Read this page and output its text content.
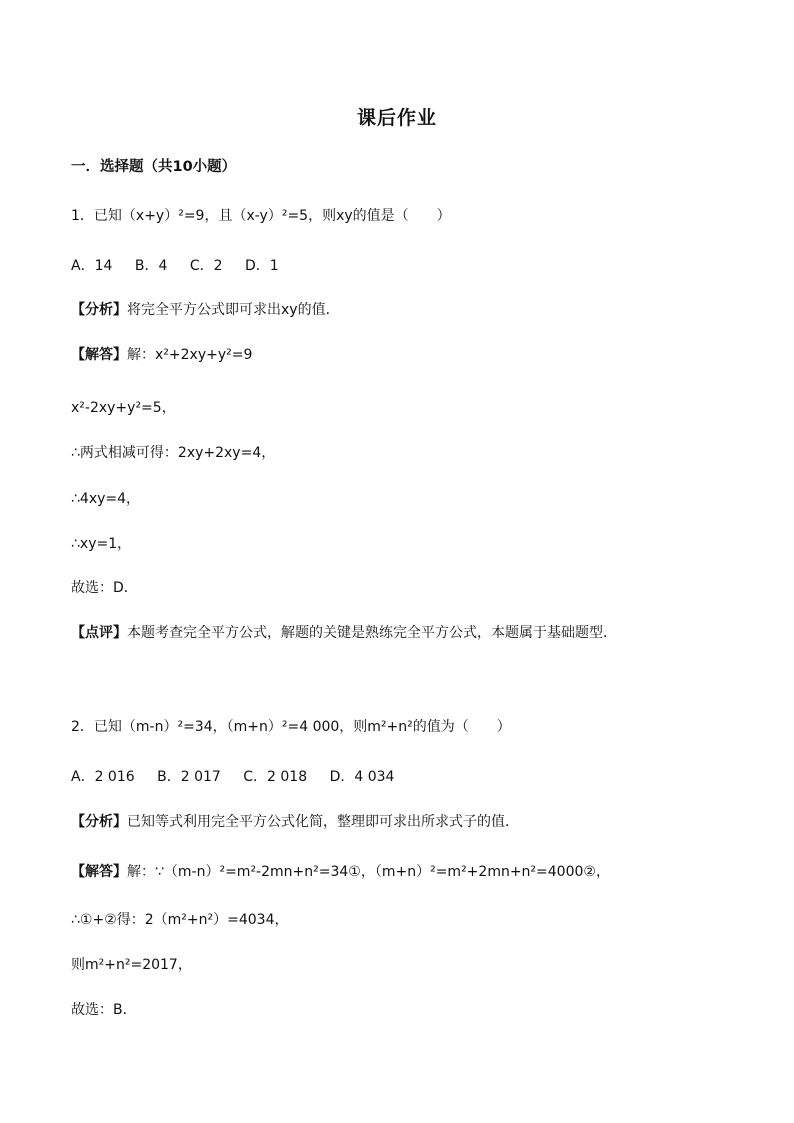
课后作业
一．选择题（共10小题）
1．已知（x+y）²=9，且（x-y）²=5，则xy的值是（　　）
A．14 B．4 C．2 D．1
【分析】将完全平方公式即可求出xy的值．
【解答】解：x²+2xy+y²=9
x²-2xy+y²=5，
∴两式相减可得：2xy+2xy=4，
∴4xy=4，
∴xy=1，
故选：D．
【点评】本题考查完全平方公式，解题的关键是熟练完全平方公式，本题属于基础题型．
2．已知（m-n）²=34，（m+n）²=4 000，则m²+n²的值为（　　）
A．2 016 B．2 017 C．2 018 D．4 034
【分析】已知等式利用完全平方公式化简，整理即可求出所求式子的值．
【解答】解：∵（m-n）²=m²-2mn+n²=34①，（m+n）²=m²+2mn+n²=4000②，
∴①+②得：2（m²+n²）=4034，
则m²+n²=2017，
故选：B．
